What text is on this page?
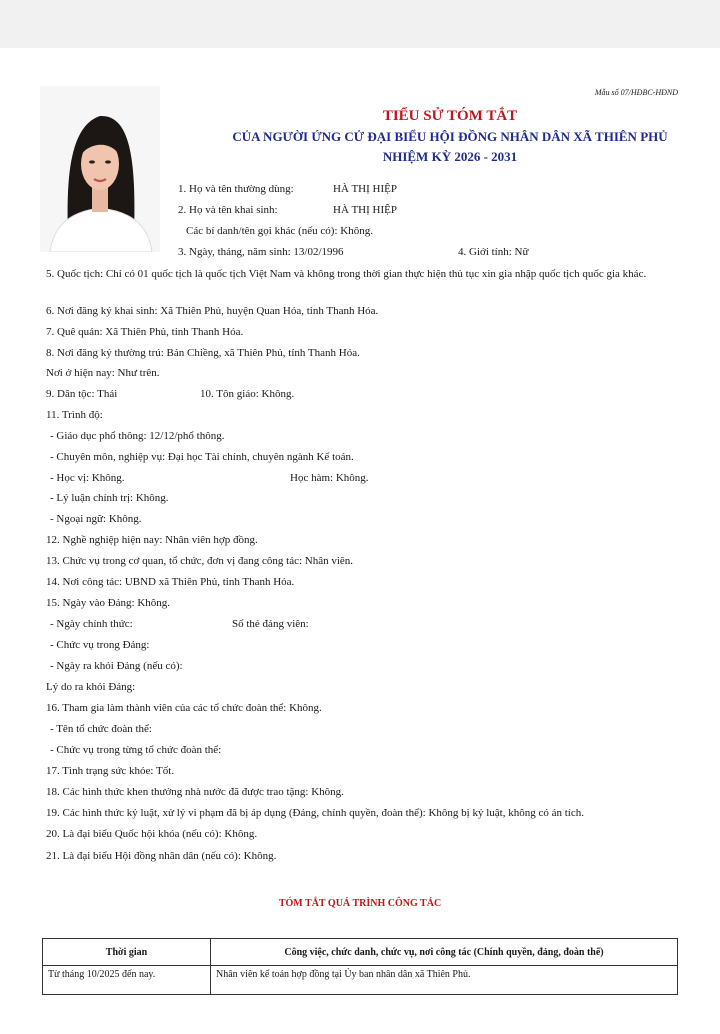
Mẫu số 07/HĐBC-HĐND
TIỂU SỬ TÓM TẮT
CỦA NGƯỜI ỨNG CỬ ĐẠI BIỂU HỘI ĐỒNG NHÂN DÂN XÃ THIÊN PHỦ
NHIỆM KỲ 2026 - 2031
1. Họ và tên thường dùng:	HÀ THỊ HIỆP
2. Họ và tên khai sinh:	HÀ THỊ HIỆP
Các bí danh/tên gọi khác (nếu có): Không.
3. Ngày, tháng, năm sinh: 13/02/1996	4. Giới tính: Nữ
5. Quốc tịch: Chỉ có 01 quốc tịch là quốc tịch Việt Nam và không trong thời gian thực hiện thủ tục xin gia nhập quốc tịch quốc gia khác.
6. Nơi đăng ký khai sinh: Xã Thiên Phủ, huyện Quan Hóa, tỉnh Thanh Hóa.
7. Quê quán: Xã Thiên Phủ, tỉnh Thanh Hóa.
8. Nơi đăng ký thường trú: Bản Chiềng, xã Thiên Phủ, tỉnh Thanh Hóa.
Nơi ở hiện nay: Như trên.
9. Dân tộc: Thái
11. Trình độ:
- Giáo dục phổ thông: 12/12/phổ thông.
- Chuyên môn, nghiệp vụ: Đại học Tài chính, chuyên ngành Kế toán.
- Học vị: Không.
- Lý luận chính trị: Không.
- Ngoại ngữ: Không.
12. Nghề nghiệp hiện nay: Nhân viên hợp đồng.
13. Chức vụ trong cơ quan, tổ chức, đơn vị đang công tác: Nhân viên.
14. Nơi công tác: UBND xã Thiên Phủ, tỉnh Thanh Hóa.
15. Ngày vào Đảng: Không.
- Ngày chính thức:
- Chức vụ trong Đảng:
- Ngày ra khỏi Đảng (nếu có):
Lý do ra khỏi Đảng:
16. Tham gia làm thành viên của các tổ chức đoàn thể: Không.
- Tên tổ chức đoàn thể:
- Chức vụ trong từng tổ chức đoàn thể:
17. Tình trạng sức khỏe: Tốt.
18. Các hình thức khen thưởng nhà nước đã được trao tặng: Không.
19. Các hình thức kỷ luật, xử lý vi phạm đã bị áp dụng (Đảng, chính quyền, đoàn thể): Không bị kỷ luật, không có án tích.
20. Là đại biểu Quốc hội khóa (nếu có): Không.
21. Là đại biểu Hội đồng nhân dân (nếu có): Không.
10. Tôn giáo: Không.
Học hàm: Không.
Số thẻ đảng viên:
TÓM TẮT QUÁ TRÌNH CÔNG TÁC
Thời gian	Công việc, chức danh, chức vụ, nơi công tác (Chính quyền, đảng, đoàn thể)
Từ tháng 10/2025 đến nay.	Nhân viên kế toán hợp đồng tại Ủy ban nhân dân xã Thiên Phủ.
